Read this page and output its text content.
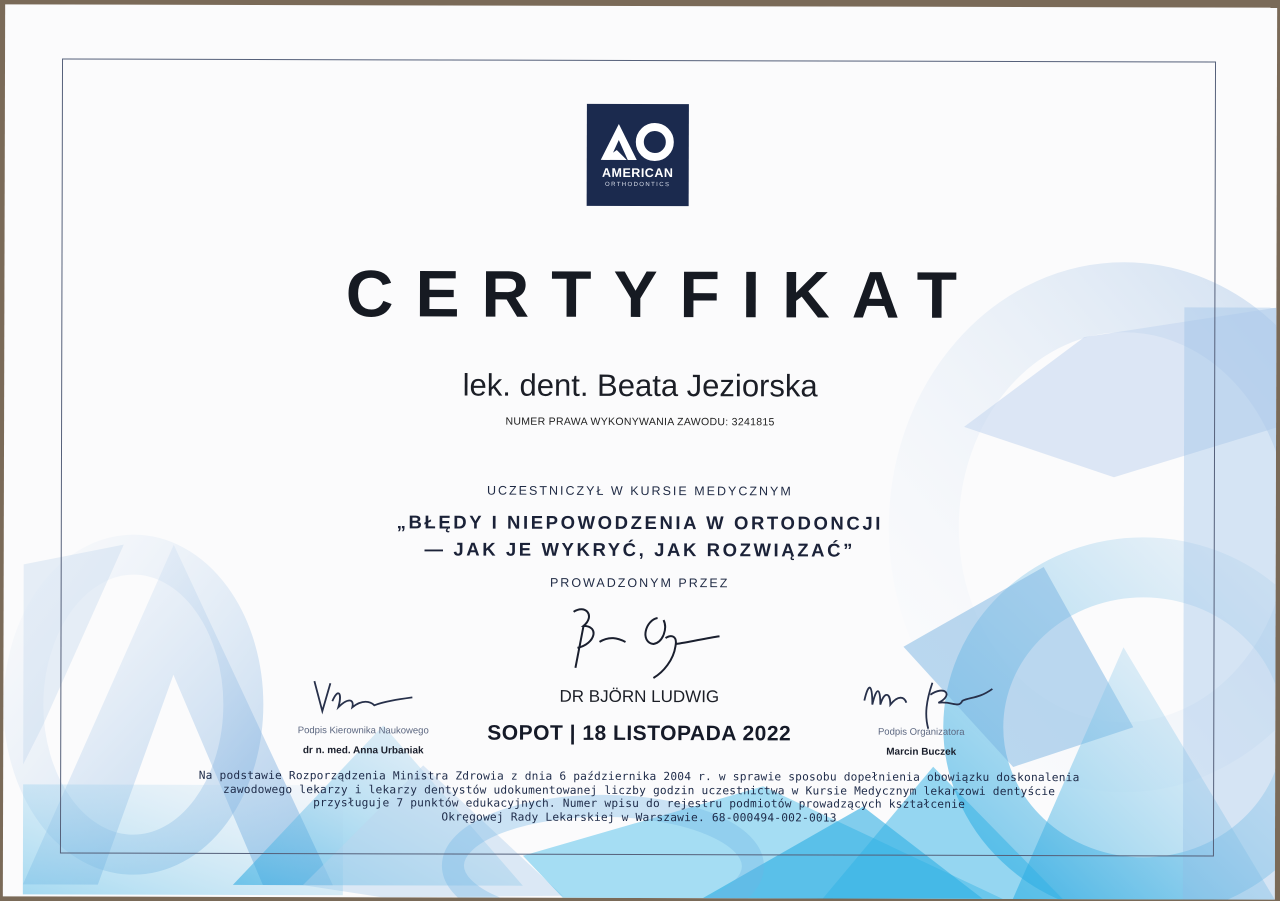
AMERICAN
ORTHODONTICS
CERTYFIKAT
lek. dent. Beata Jeziorska
NUMER PRAWA WYKONYWANIA ZAWODU: 3241815
UCZESTNICZYŁ W KURSIE MEDYCZNYM
„BŁĘDY I NIEPOWODZENIA W ORTODONCJI
— JAK JE WYKRYĆ, JAK ROZWIĄZAĆ”
PROWADZONYM PRZEZ
DR BJÖRN LUDWIG
Podpis Kierownika Naukowego
dr n. med. Anna Urbaniak
Podpis Organizatora
Marcin Buczek
SOPOT | 18 LISTOPADA 2022
Na podstawie Rozporządzenia Ministra Zdrowia z dnia 6 października 2004 r. w sprawie sposobu dopełnienia obowiązku doskonalenia
zawodowego lekarzy i lekarzy dentystów udokumentowanej liczby godzin uczestnictwa w Kursie Medycznym lekarzowi dentyście
przysługuje 7 punktów edukacyjnych. Numer wpisu do rejestru podmiotów prowadzących kształcenie
Okręgowej Rady Lekarskiej w Warszawie. 68-000494-002-0013
